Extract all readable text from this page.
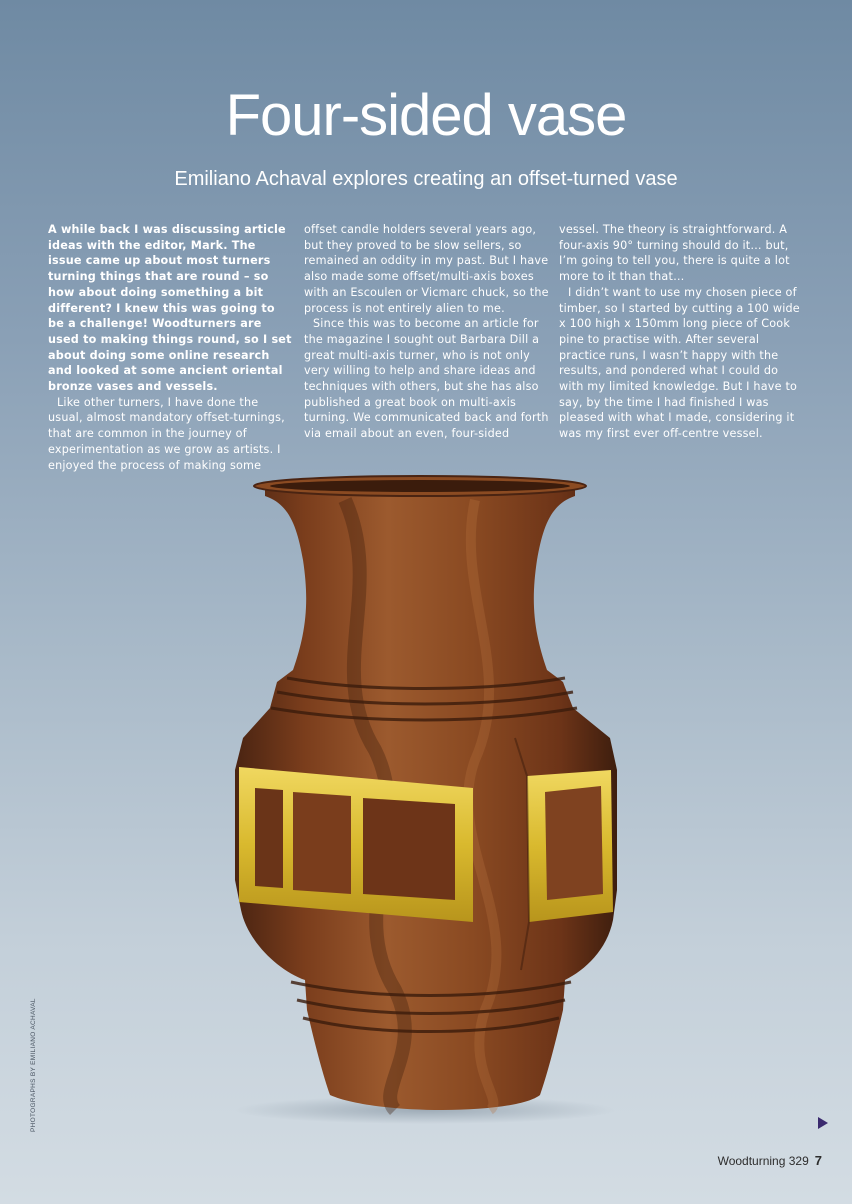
Four-sided vase
Emiliano Achaval explores creating an offset-turned vase

A while back I was discussing article ideas with the editor, Mark. The issue came up about most turners turning things that are round – so how about doing something a bit different? I knew this was going to be a challenge! Woodturners are used to making things round, so I set about doing some online research and looked at some ancient oriental bronze vases and vessels.

Like other turners, I have done the usual, almost mandatory offset-turnings, that are common in the journey of experimentation as we grow as artists. I enjoyed the process of making some

offset candle holders several years ago, but they proved to be slow sellers, so remained an oddity in my past. But I have also made some offset/multi-axis boxes with an Escoulen or Vicmarc chuck, so the process is not entirely alien to me.

Since this was to become an article for the magazine I sought out Barbara Dill a great multi-axis turner, who is not only very willing to help and share ideas and techniques with others, but she has also published a great book on multi-axis turning. We communicated back and forth via email about an even, four-sided

vessel. The theory is straightforward. A four-axis 90° turning should do it… but, I’m going to tell you, there is quite a lot more to it than that…

I didn’t want to use my chosen piece of timber, so I started by cutting a 100 wide x 100 high x 150mm long piece of Cook pine to practise with. After several practice runs, I wasn’t happy with the results, and pondered what I could do with my limited knowledge. But I have to say, by the time I had finished I was pleased with what I made, considering it was my first ever off-centre vessel.

PHOTOGRAPHS BY EMILIANO ACHAVAL
Woodturning 329 7
